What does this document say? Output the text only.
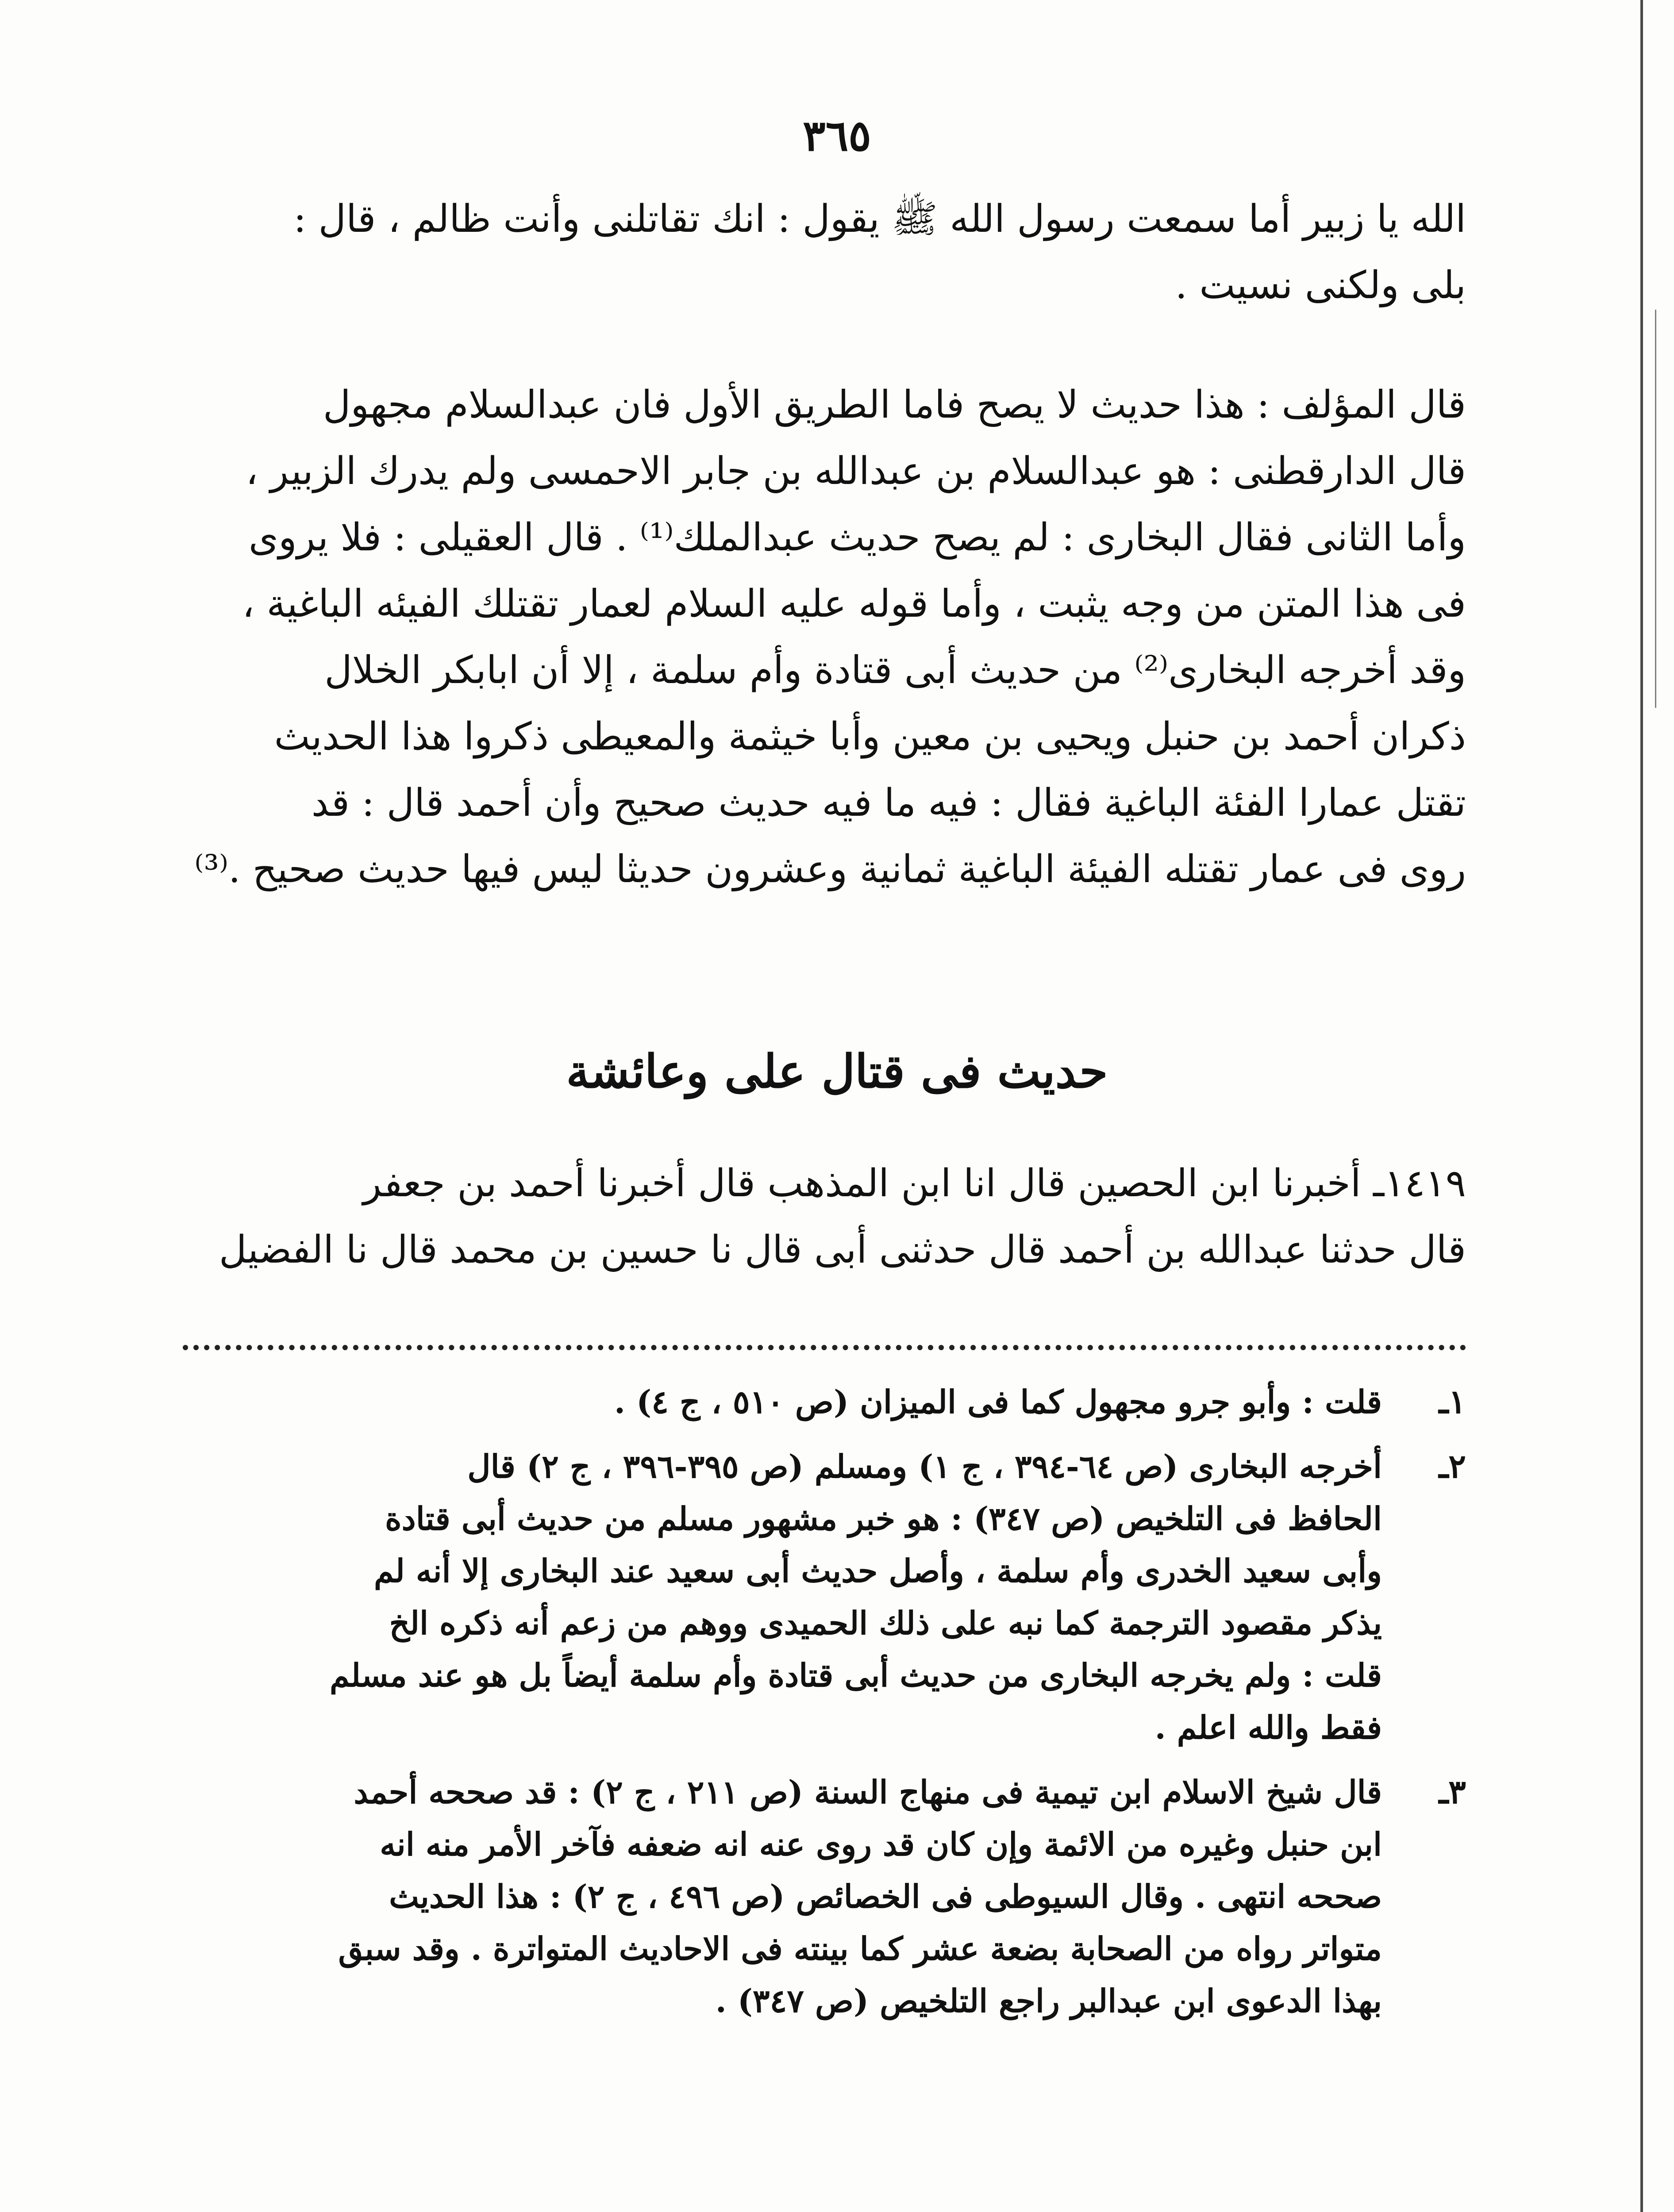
٣٦٥
الله يا زبير أما سمعت رسول الله ﷺ يقول : انك تقاتلنى وأنت ظالم ، قال :
بلى ولكنى نسيت .
قال المؤلف : هذا حديث لا يصح فاما الطريق الأول فان عبدالسلام مجهول
قال الدارقطنى : هو عبدالسلام بن عبدالله بن جابر الاحمسى ولم يدرك الزبير ،
وأما الثانى فقال البخارى : لم يصح حديث عبدالملك⁽¹⁾ . قال العقيلى : فلا يروى
فى هذا المتن من وجه يثبت ، وأما قوله عليه السلام لعمار تقتلك الفيئه الباغية ،
وقد أخرجه البخارى⁽²⁾ من حديث أبى قتادة وأم سلمة ، إلا أن ابابكر الخلال
ذكران أحمد بن حنبل ويحيى بن معين وأبا خيثمة والمعيطى ذكروا هذا الحديث
تقتل عمارا الفئة الباغية فقال : فيه ما فيه حديث صحيح وأن أحمد قال : قد
روى فى عمار تقتله الفيئة الباغية ثمانية وعشرون حديثا ليس فيها حديث صحيح .⁽³⁾
حديث فى قتال على وعائشة
١٤١٩ـ أخبرنا ابن الحصين قال انا ابن المذهب قال أخبرنا أحمد بن جعفر
قال حدثنا عبدالله بن أحمد قال حدثنى أبى قال نا حسين بن محمد قال نا الفضيل
١ـ
قلت : وأبو جرو مجهول كما فى الميزان (ص ٥١٠ ، ج ٤) .
٢ـ
أخرجه البخارى (ص ٦٤-٣٩٤ ، ج ١) ومسلم (ص ٣٩٥-٣٩٦ ، ج ٢) قال
الحافظ فى التلخيص (ص ٣٤٧) : هو خبر مشهور مسلم من حديث أبى قتادة
وأبى سعيد الخدرى وأم سلمة ، وأصل حديث أبى سعيد عند البخارى إلا أنه لم
يذكر مقصود الترجمة كما نبه على ذلك الحميدى ووهم من زعم أنه ذكره الخ
قلت : ولم يخرجه البخارى من حديث أبى قتادة وأم سلمة أيضاً بل هو عند مسلم
فقط والله اعلم .
٣ـ
قال شيخ الاسلام ابن تيمية فى منهاج السنة (ص ٢١١ ، ج ٢) : قد صححه أحمد
ابن حنبل وغيره من الائمة وإن كان قد روى عنه انه ضعفه فآخر الأمر منه انه
صححه انتهى . وقال السيوطى فى الخصائص (ص ٤٩٦ ، ج ٢) : هذا الحديث
متواتر رواه من الصحابة بضعة عشر كما بينته فى الاحاديث المتواترة . وقد سبق
بهذا الدعوى ابن عبدالبر راجع التلخيص (ص ٣٤٧) .
